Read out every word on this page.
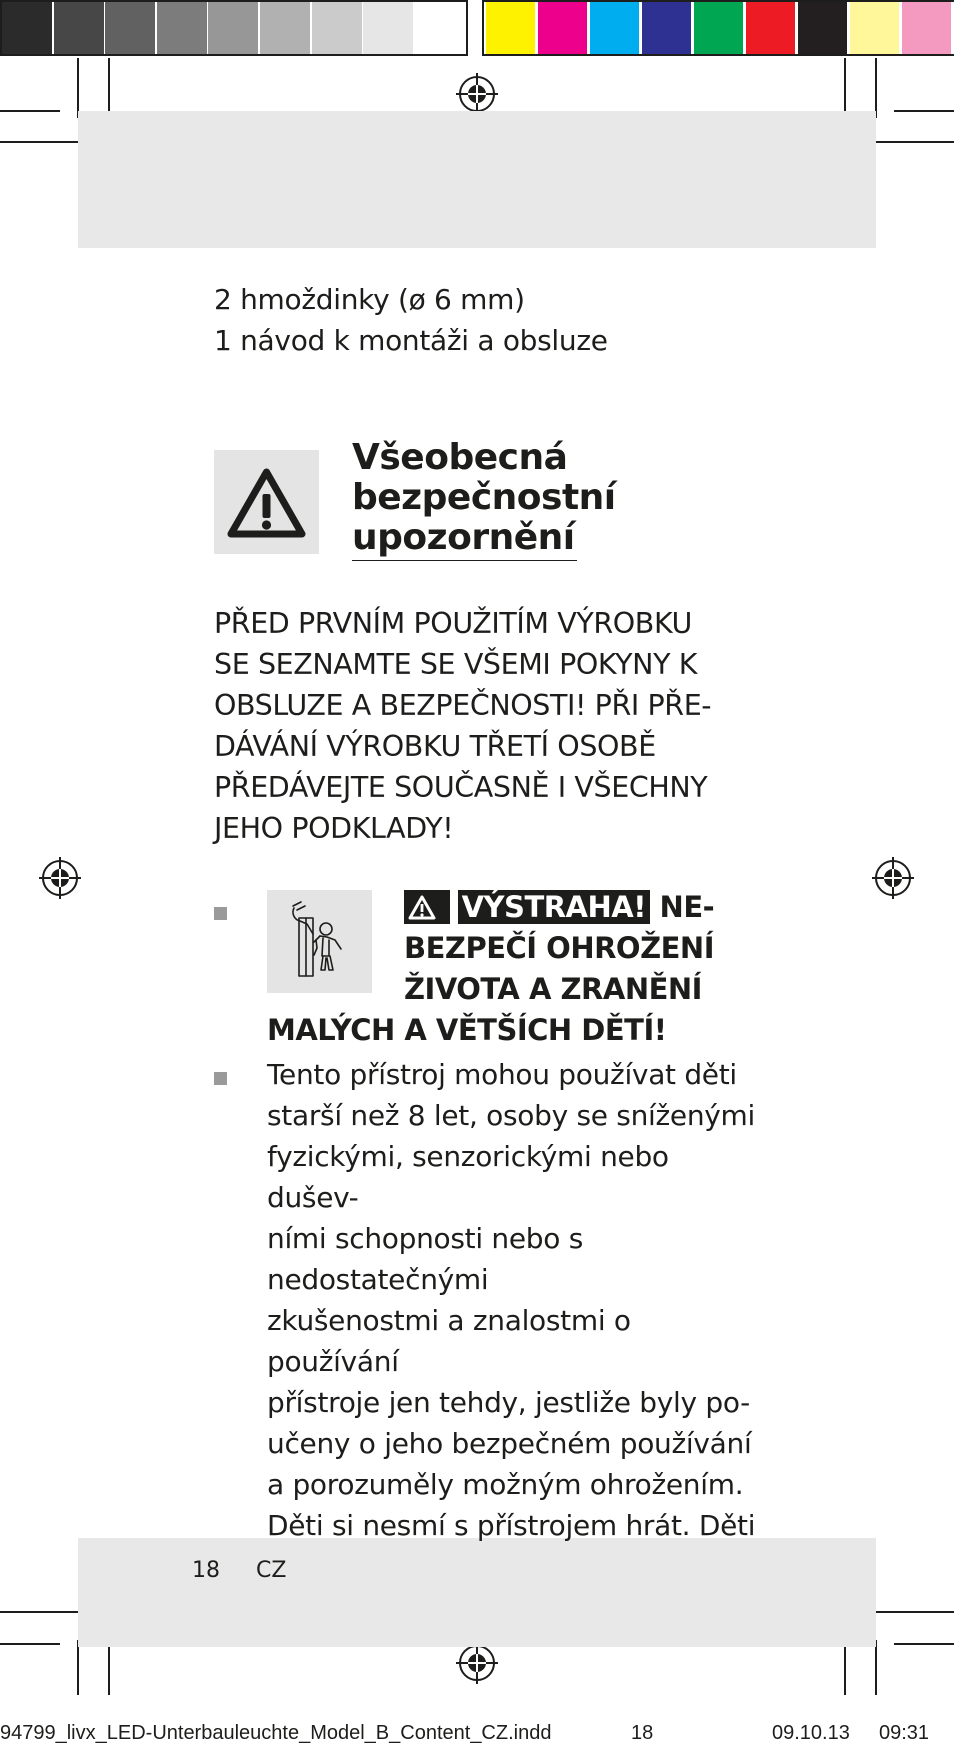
2 hmoždinky (ø 6 mm)
1 návod k montáži a obsluze
Všeobecná
bezpečnostní
upozornění
PŘED PRVNÍM POUŽITÍM VÝROBKU
SE SEZNAMTE SE VŠEMI POKYNY K
OBSLUZE A BEZPEČNOSTI! PŘI PŘE-
DÁVÁNÍ VÝROBKU TŘETÍ OSOBĚ
PŘEDÁVEJTE SOUČASNĚ I VŠECHNY
JEHO PODKLADY!
VÝSTRAHA! NE-
BEZPEČÍ OHROŽENÍ
ŽIVOTA A ZRANĚNÍ
MALÝCH A VĚTŠÍCH DĚTÍ!
Tento přístroj mohou používat děti
starší než 8 let, osoby se sníženými
fyzickými, senzorickými nebo dušev-
ními schopnosti nebo s nedostatečnými
zkušenostmi a znalostmi o používání
přístroje jen tehdy, jestliže byly po-
učeny o jeho bezpečném používání
a porozuměly možným ohrožením.
Děti si nesmí s přístrojem hrát. Děti
18 CZ
94799_livx_LED-Unterbauleuchte_Model_B_Content_CZ.indd	18	09.10.13 09:31
